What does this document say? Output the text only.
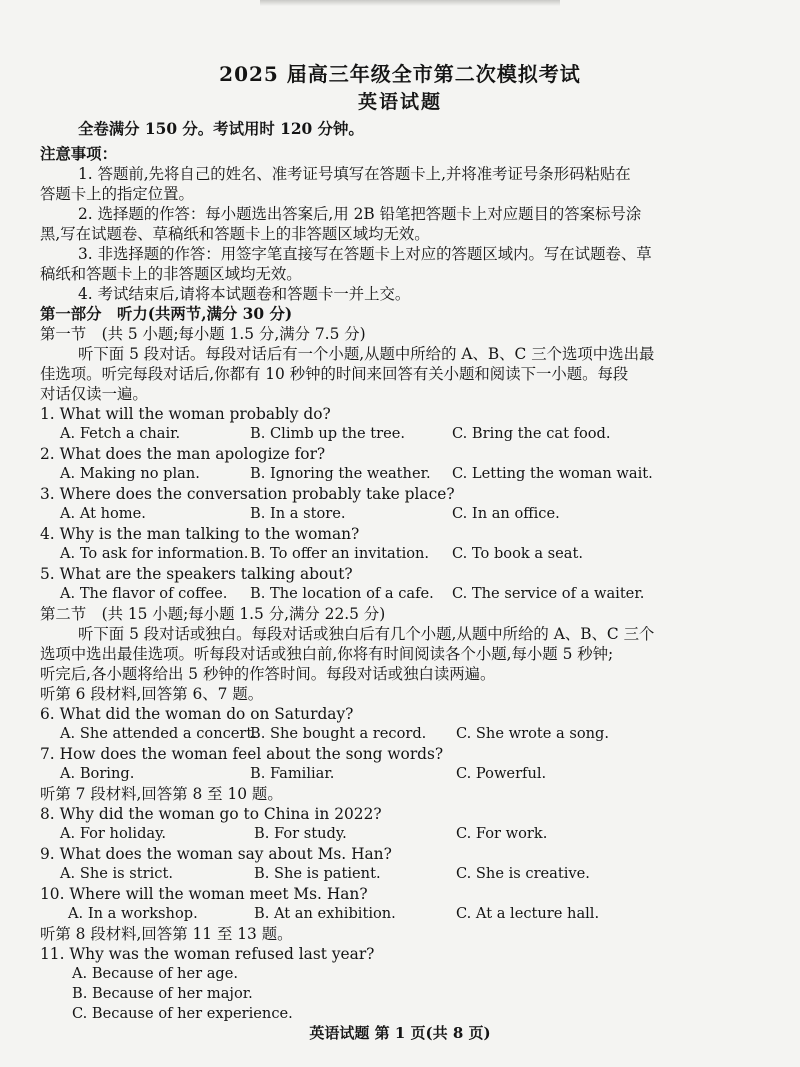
2025 届高三年级全市第二次模拟考试
英语试题
全卷满分 150 分。考试用时 120 分钟。
注意事项：
1. 答题前,先将自己的姓名、准考证号填写在答题卡上,并将准考证号条形码粘贴在
答题卡上的指定位置。
2. 选择题的作答：每小题选出答案后,用 2B 铅笔把答题卡上对应题目的答案标号涂
黑,写在试题卷、草稿纸和答题卡上的非答题区域均无效。
3. 非选择题的作答：用签字笔直接写在答题卡上对应的答题区域内。写在试题卷、草
稿纸和答题卡上的非答题区域均无效。
4. 考试结束后,请将本试题卷和答题卡一并上交。
第一部分　听力(共两节,满分 30 分)
第一节　(共 5 小题;每小题 1.5 分,满分 7.5 分)
听下面 5 段对话。每段对话后有一个小题,从题中所给的 A、B、C 三个选项中选出最
佳选项。听完每段对话后,你都有 10 秒钟的时间来回答有关小题和阅读下一小题。每段
对话仅读一遍。
1. What will the woman probably do?
A. Fetch a chair.	B. Climb up the tree.	C. Bring the cat food.
2. What does the man apologize for?
A. Making no plan.	B. Ignoring the weather. C. Letting the woman wait.
3. Where does the conversation probably take place?
A. At home.	B. In a store.	C. In an office.
4. Why is the man talking to the woman?
A. To ask for information. B. To offer an invitation. C. To book a seat.
5. What are the speakers talking about?
A. The flavor of coffee. B. The location of a cafe. C. The service of a waiter.
第二节　(共 15 小题;每小题 1.5 分,满分 22.5 分)
听下面 5 段对话或独白。每段对话或独白后有几个小题,从题中所给的 A、B、C 三个
选项中选出最佳选项。听每段对话或独白前,你将有时间阅读各个小题,每小题 5 秒钟;
听完后,各小题将给出 5 秒钟的作答时间。每段对话或独白读两遍。
听第 6 段材料,回答第 6、7 题。
6. What did the woman do on Saturday?
A. She attended a concert.
B. She bought a record. C. She wrote a song.
7. How does the woman feel about the song words?
A. Boring.	B. Familiar.	C. Powerful.
听第 7 段材料,回答第 8 至 10 题。
8. Why did the woman go to China in 2022?
A. For holiday.	B. For study.	C. For work.
9. What does the woman say about Ms. Han?
A. She is strict.	B. She is patient.	C. She is creative.
10. Where will the woman meet Ms. Han?
A. In a workshop.	B. At an exhibition.	C. At a lecture hall.
听第 8 段材料,回答第 11 至 13 题。
11. Why was the woman refused last year?
A. Because of her age.
B. Because of her major.
C. Because of her experience.
英语试题 第 1 页(共 8 页)
